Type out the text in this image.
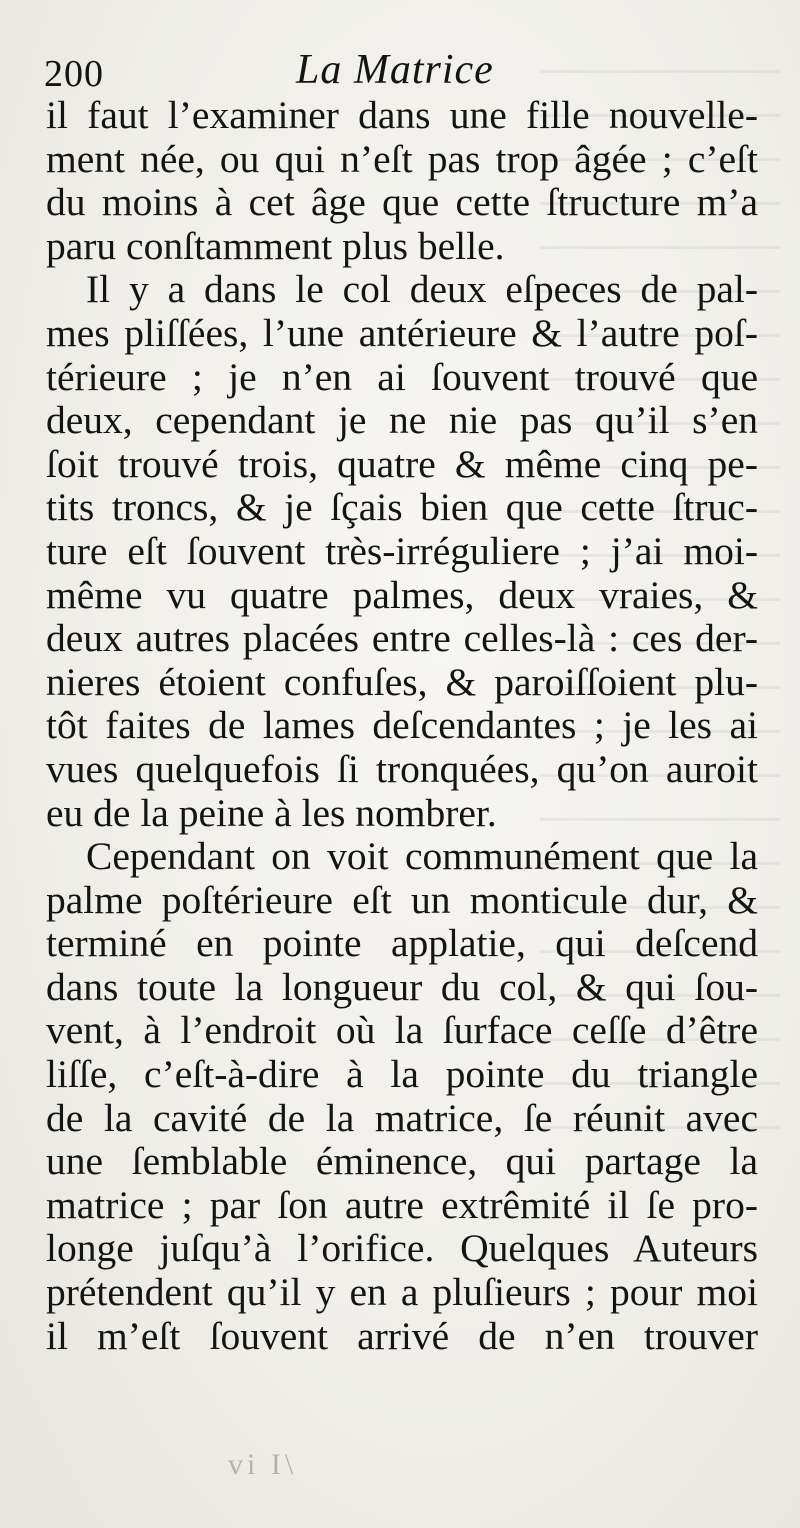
200	La Matrice
il faut l’examiner dans une fille nouvelle-
ment née, ou qui n’eſt pas trop âgée ; c’eſt
du moins à cet âge que cette ſtructure m’a
paru conſtamment plus belle.
Il y a dans le col deux eſpeces de pal-
mes pliſſées, l’une antérieure & l’autre poſ-
térieure ; je n’en ai ſouvent trouvé que
deux, cependant je ne nie pas qu’il s’en
ſoit trouvé trois, quatre & même cinq pe-
tits troncs, & je ſçais bien que cette ſtruc-
ture eſt ſouvent très-irréguliere ; j’ai moi-
même vu quatre palmes, deux vraies, &
deux autres placées entre celles-là : ces der-
nieres étoient confuſes, & paroiſſoient plu-
tôt faites de lames deſcendantes ; je les ai
vues quelquefois ſi tronquées, qu’on auroit
eu de la peine à les nombrer.
Cependant on voit communément que la
palme poſtérieure eſt un monticule dur, &
terminé en pointe applatie, qui deſcend
dans toute la longueur du col, & qui ſou-
vent, à l’endroit où la ſurface ceſſe d’être
liſſe, c’eſt-à-dire à la pointe du triangle
de la cavité de la matrice, ſe réunit avec
une ſemblable éminence, qui partage la
matrice ; par ſon autre extrêmité il ſe pro-
longe juſqu’à l’orifice. Quelques Auteurs
prétendent qu’il y en a pluſieurs ; pour moi
il m’eſt ſouvent arrivé de n’en trouver
vi I\
